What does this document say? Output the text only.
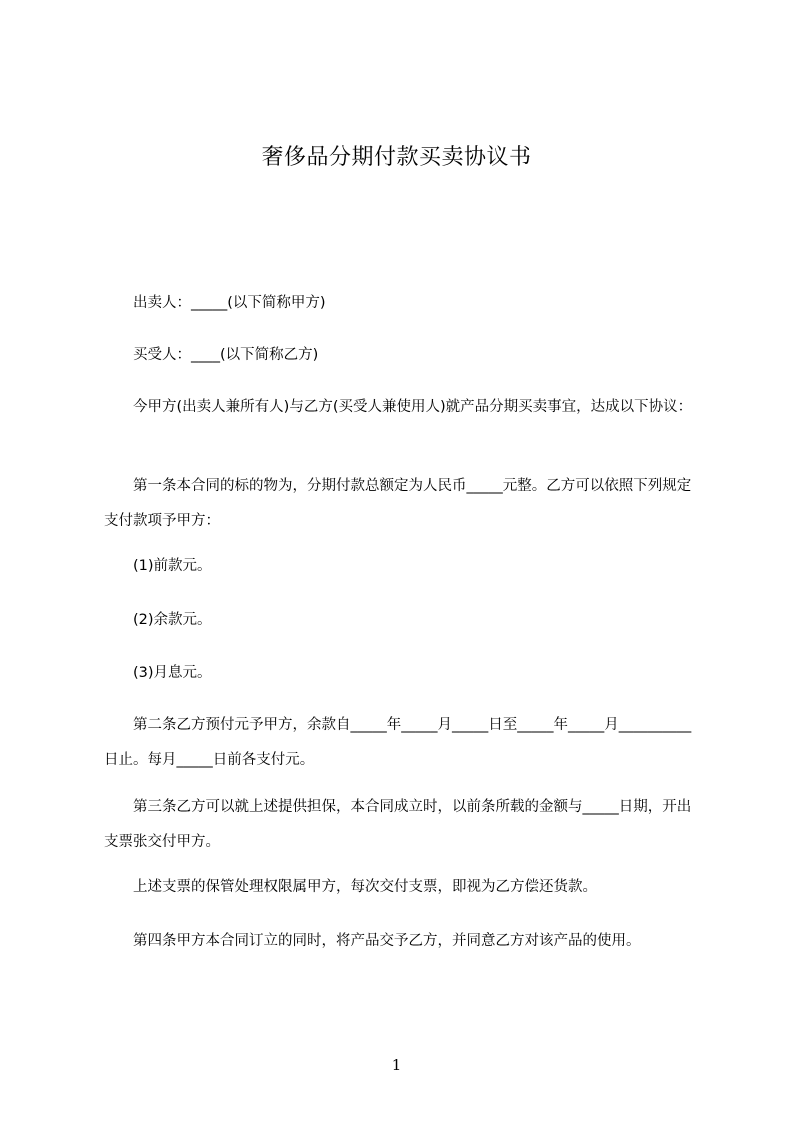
奢侈品分期付款买卖协议书
出卖人：_____(以下简称甲方)
买受人：____(以下简称乙方)
今甲方(出卖人兼所有人)与乙方(买受人兼使用人)就产品分期买卖事宜，达成以下协议：
第一条本合同的标的物为，分期付款总额定为人民币_____元整。乙方可以依照下列规定支付款项予甲方：
(1)前款元。
(2)余款元。
(3)月息元。
第二条乙方预付元予甲方，余款自_____年_____月_____日至_____年_____月__________日止。每月_____日前各支付元。
第三条乙方可以就上述提供担保，本合同成立时，以前条所载的金额与_____日期，开出支票张交付甲方。
上述支票的保管处理权限属甲方，每次交付支票，即视为乙方偿还货款。
第四条甲方本合同订立的同时，将产品交予乙方，并同意乙方对该产品的使用。
1
